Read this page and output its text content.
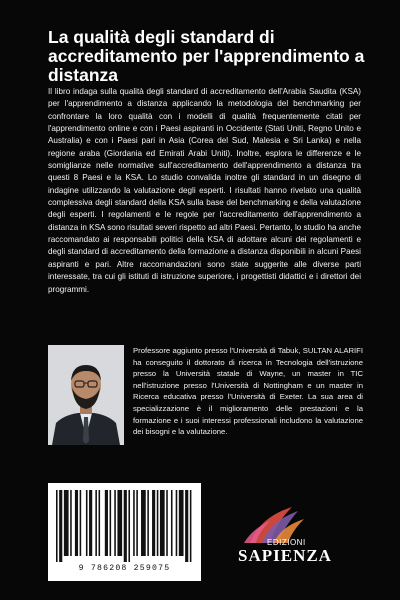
La qualità degli standard di accreditamento per l'apprendimento a distanza

Il libro indaga sulla qualità degli standard di accreditamento dell'Arabia Saudita (KSA) per l'apprendimento a distanza applicando la metodologia del benchmarking per confrontare la loro qualità con i modelli di qualità frequentemente citati per l'apprendimento online e con i Paesi aspiranti in Occidente (Stati Uniti, Regno Unito e Australia) e con i Paesi pari in Asia (Corea del Sud, Malesia e Sri Lanka) e nella regione araba (Giordania ed Emirati Arabi Uniti). Inoltre, esplora le differenze e le somiglianze nelle normative sull'accreditamento dell'apprendimento a distanza tra questi 8 Paesi e la KSA. Lo studio convalida inoltre gli standard in un disegno di indagine utilizzando la valutazione degli esperti. I risultati hanno rivelato una qualità complessiva degli standard della KSA sulla base del benchmarking e della valutazione degli esperti. I regolamenti e le regole per l'accreditamento dell'apprendimento a distanza in KSA sono risultati severi rispetto ad altri Paesi. Pertanto, lo studio ha anche raccomandato ai responsabili politici della KSA di adottare alcuni dei regolamenti e degli standard di accreditamento della formazione a distanza disponibili in alcuni Paesi aspiranti e pari. Altre raccomandazioni sono state suggerite alle diverse parti interessate, tra cui gli istituti di istruzione superiore, i progettisti didattici e i direttori dei programmi.

Professore aggiunto presso l'Università di Tabuk, SULTAN ALARIFI ha conseguito il dottorato di ricerca in Tecnologia dell'istruzione presso la Università statale di Wayne, un master in TIC nell'istruzione presso l'Università di Nottingham e un master in Ricerca educativa presso l'Università di Exeter. La sua area di specializzazione è il miglioramento delle prestazioni e la formazione e i suoi interessi professionali includono la valutazione dei bisogni e la valutazione.

9 786208 259075
EDIZIONI
SAPIENZA
